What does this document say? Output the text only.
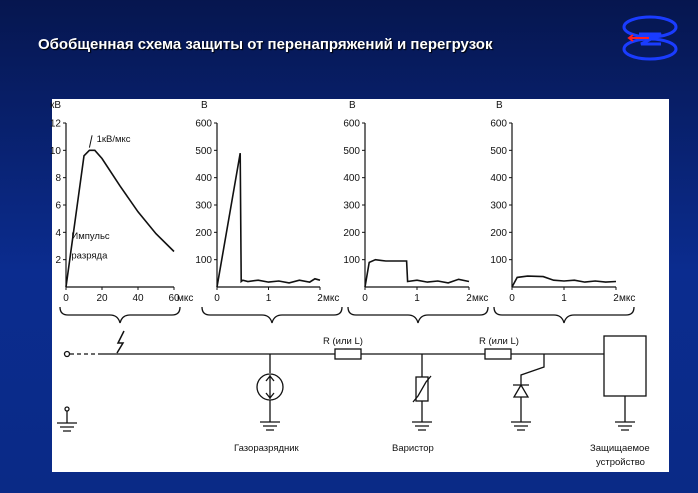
Обобщенная схема защиты от перенапряжений и перегрузок
2
4
6
8
10
12
0	20 40 60
мкс
кВ
1кВ/мкс
Импульс
разряда	100
200
300
400
500
600
0	1	2 мкс
В
100
200
300
400
500
600
0	1	2 мкс
В
100
200
300
400
500
600
0	1	2 мкс
В
R (или L)	R (или L)
Газоразрядник	Варистор	Защищаемое
устройство
